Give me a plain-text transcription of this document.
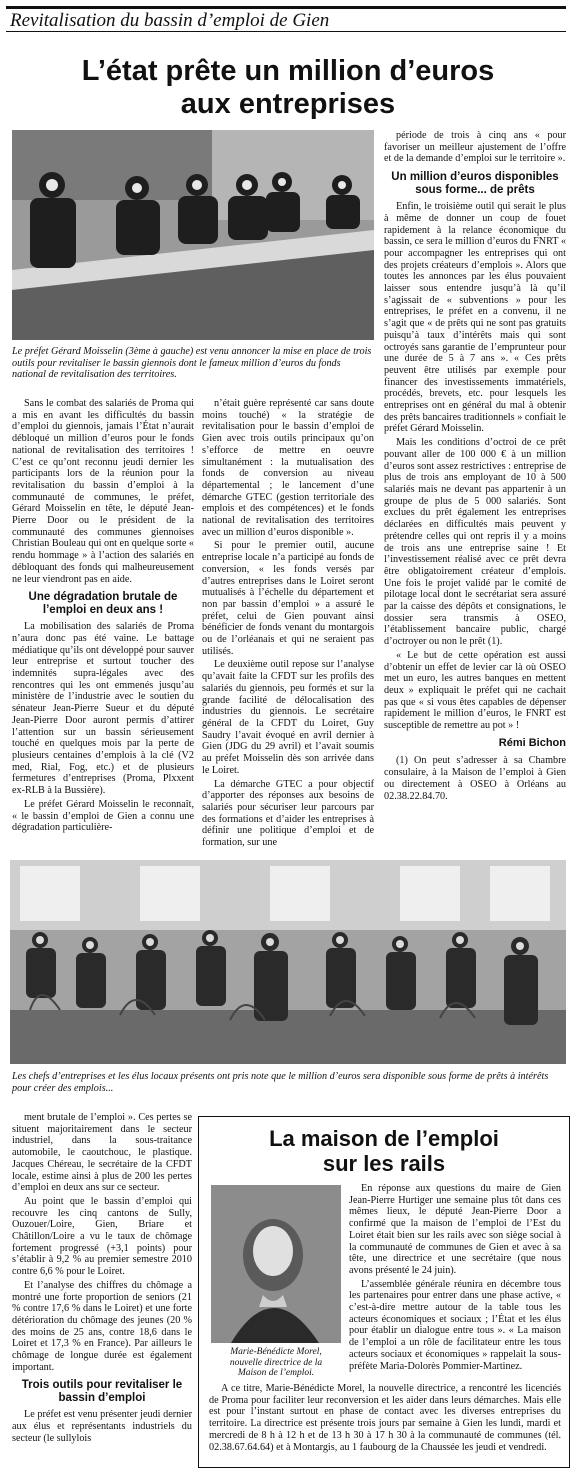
Revitalisation du bassin d’emploi de Gien
L’état prête un million d’euros
aux entreprises
Le préfet Gérard Moisselin (3ème à gauche) est venu annoncer la mise en place de trois outils pour revitaliser le bassin giennois dont le fameux million d’euros du fonds national de revitalisation des territoires.

Sans le combat des salariés de Proma qui a mis en avant les difficultés du bassin d’emploi du giennois, jamais l’État n’aurait débloqué un million d’euros pour le fonds national de revitalisation des territoires ! C’est ce qu’ont reconnu jeudi dernier les participants lors de la réunion pour la revitalisation du bassin d’emploi à la communauté de communes, le préfet, Gérard Moisselin en tête, le député Jean-Pierre Door ou le président de la communauté des communes giennoises Christian Bouleau qui ont en quelque sorte « rendu hommage » à l’action des salariés en débloquant des fonds qui malheureusement ne leur viendront pas en aide.

Une dégradation brutale de l’emploi en deux ans !

La mobilisation des salariés de Proma n’aura donc pas été vaine. Le battage médiatique qu’ils ont développé pour sauver leur entreprise et surtout toucher des indemnités supra-légales avec des rencontres qui les ont emmenés jusqu’au ministère de l’industrie avec le soutien du sénateur Jean-Pierre Sueur et du député Jean-Pierre Door auront permis d’attirer l’attention sur un bassin sérieusement touché en quelques mois par la perte de plusieurs centaines d’emplois à la clé (V2 med, Rial, Fog, etc.) et de plusieurs fermetures d’entreprises (Proma, Plxxent ex-RLB à la Bussière).

Le préfet Gérard Moisselin le reconnaît, « le bassin d’emploi de Gien a connu une dégradation particulière-

n’était guère représenté car sans doute moins touché) « la stratégie de revitalisation pour le bassin d’emploi de Gien avec trois outils principaux qu’on s’efforce de mettre en oeuvre simultanément : la mutualisation des fonds de conversion au niveau départemental ; le lancement d’une démarche GTEC (gestion territoriale des emplois et des compétences) et le fonds national de revitalisation des territoires avec un million d’euros disponible ».

Si pour le premier outil, aucune entreprise locale n’a participé au fonds de conversion, « les fonds versés par d’autres entreprises dans le Loiret seront mutualisés à l’échelle du département et non par bassin d’emploi » a assuré le préfet, celui de Gien pouvant ainsi bénéficier de fonds venant du montargois ou de l’orléanais et qui ne seraient pas utilisés.

Le deuxième outil repose sur l’analyse qu’avait faite la CFDT sur les profils des salariés du giennois, peu formés et sur la grande facilité de délocalisation des industries du giennois. Le secrétaire général de la CFDT du Loiret, Guy Saudry l’avait évoqué en avril dernier à Gien (JDG du 29 avril) et l’avait soumis au préfet Moisselin dès son arrivée dans le Loiret.

La démarche GTEC a pour objectif d’apporter des réponses aux besoins de salariés pour sécuriser leur parcours par des formations et d’aider les entreprises à définir une politique d’emploi et de formation, sur une

période de trois à cinq ans « pour favoriser un meilleur ajustement de l’offre et de la demande d’emploi sur le territoire ».

Un million d’euros disponibles sous forme... de prêts

Enfin, le troisième outil qui serait le plus à même de donner un coup de fouet rapidement à la relance économique du bassin, ce sera le million d’euros du FNRT « pour accompagner les entreprises qui ont des projets créateurs d’emplois ». Alors que toutes les annonces par les élus pouvaient laisser sous entendre jusqu’à là qu’il s’agissait de « subventions » pour les entreprises, le préfet en a convenu, il ne s’agit que « de prêts qui ne sont pas gratuits puisqu’à taux d’intérêts mais qui sont octroyés sans garantie de l’emprunteur pour une durée de 5 à 7 ans ». « Ces prêts peuvent être utilisés par exemple pour financer des investissements immatériels, procédés, brevets, etc. pour lesquels les entreprises ont en général du mal à obtenir des prêts bancaires traditionnels » confiait le préfet Gérard Moisselin.

Mais les conditions d’octroi de ce prêt pouvant aller de 100 000 € à un million d’euros sont assez restrictives : entreprise de plus de trois ans employant de 10 à 500 salariés mais ne devant pas appartenir à un groupe de plus de 5 000 salariés. Sont exclues du prêt également les entreprises déclarées en difficultés mais peuvent y prétendre celles qui ont repris il y a moins de trois ans une entreprise saine ! Et l’investissement réalisé avec ce prêt devra être obligatoirement créateur d’emplois. Une fois le projet validé par le comité de pilotage local dont le secrétariat sera assuré par la caisse des dépôts et consignations, le dossier sera transmis à OSEO, l’établissement bancaire public, chargé d’octroyer ou non le prêt (1).

« Le but de cette opération est aussi d’obtenir un effet de levier car là où OSEO met un euro, les autres banques en mettent deux » expliquait le préfet qui ne cachait pas que « si vous êtes capables de dépenser rapidement le million d’euros, le FNRT est susceptible de remettre au pot » !

Rémi Bichon

(1) On peut s’adresser à sa Chambre consulaire, à la Maison de l’emploi à Gien ou directement à OSEO à Orléans au 02.38.22.84.70.

Les chefs d’entreprises et les élus locaux présents ont pris note que le million d’euros sera disponible sous forme de prêts à intérêts pour créer des emplois...

ment brutale de l’emploi ». Ces pertes se situent majoritairement dans le secteur industriel, dans la sous-traitance automobile, le caoutchouc, le plastique. Jacques Chéreau, le secrétaire de la CFDT locale, estime ainsi à plus de 200 les pertes d’emploi en deux ans sur ce secteur.

Au point que le bassin d’emploi qui recouvre les cinq cantons de Sully, Ouzouer/Loire, Gien, Briare et Châtillon/Loire a vu le taux de chômage fortement progressé (+3,1 points) pour s’établir à 9,2 % au premier semestre 2010 contre 6,6 % pour le Loiret.

Et l’analyse des chiffres du chômage a montré une forte proportion de seniors (21 % contre 17,6 % dans le Loiret) et une forte détérioration du chômage des jeunes (20 % des moins de 25 ans, contre 18,6 dans le Loiret et 17,3 % en France). Par ailleurs le chômage de longue durée est également important.

Trois outils pour revitaliser le bassin d’emploi

Le préfet est venu présenter jeudi dernier aux élus et représentants industriels du secteur (le sullylois

La maison de l’emploi
sur les rails
Marie-Bénédicte Morel,
nouvelle directrice de la
Maison de l’emploi.

En réponse aux questions du maire de Gien Jean-Pierre Hurtiger une semaine plus tôt dans ces mêmes lieux, le député Jean-Pierre Door a confirmé que la maison de l’emploi de l’Est du Loiret était bien sur les rails avec son siège social à la communauté de communes de Gien et avec à sa tête, une directrice et une secrétaire (que nous avons présenté le 24 juin).

L’assemblée générale réunira en décembre tous les partenaires pour entrer dans une phase active, « c’est-à-dire mettre autour de la table tous les acteurs économiques et sociaux ; l’État et les élus pour établir un dialogue entre tous ». « La maison de l’emploi a un rôle de facilitateur entre les tous acteurs sociaux et économiques » rappelait la sous-préfète Maria-Dolorès Pommier-Martinez.

A ce titre, Marie-Bénédicte Morel, la nouvelle directrice, a rencontré les licenciés de Proma pour faciliter leur reconversion et les aider dans leurs démarches. Mais elle est pour l’instant surtout en phase de contact avec les diverses entreprises du territoire. La directrice est présente trois jours par semaine à Gien les lundi, mardi et mercredi de 8 h à 12 h et de 13 h 30 à 17 h 30 à la communauté de communes (tél. 02.38.67.64.64) et à Montargis, au 1 faubourg de la Chaussée les jeudi et vendredi.
